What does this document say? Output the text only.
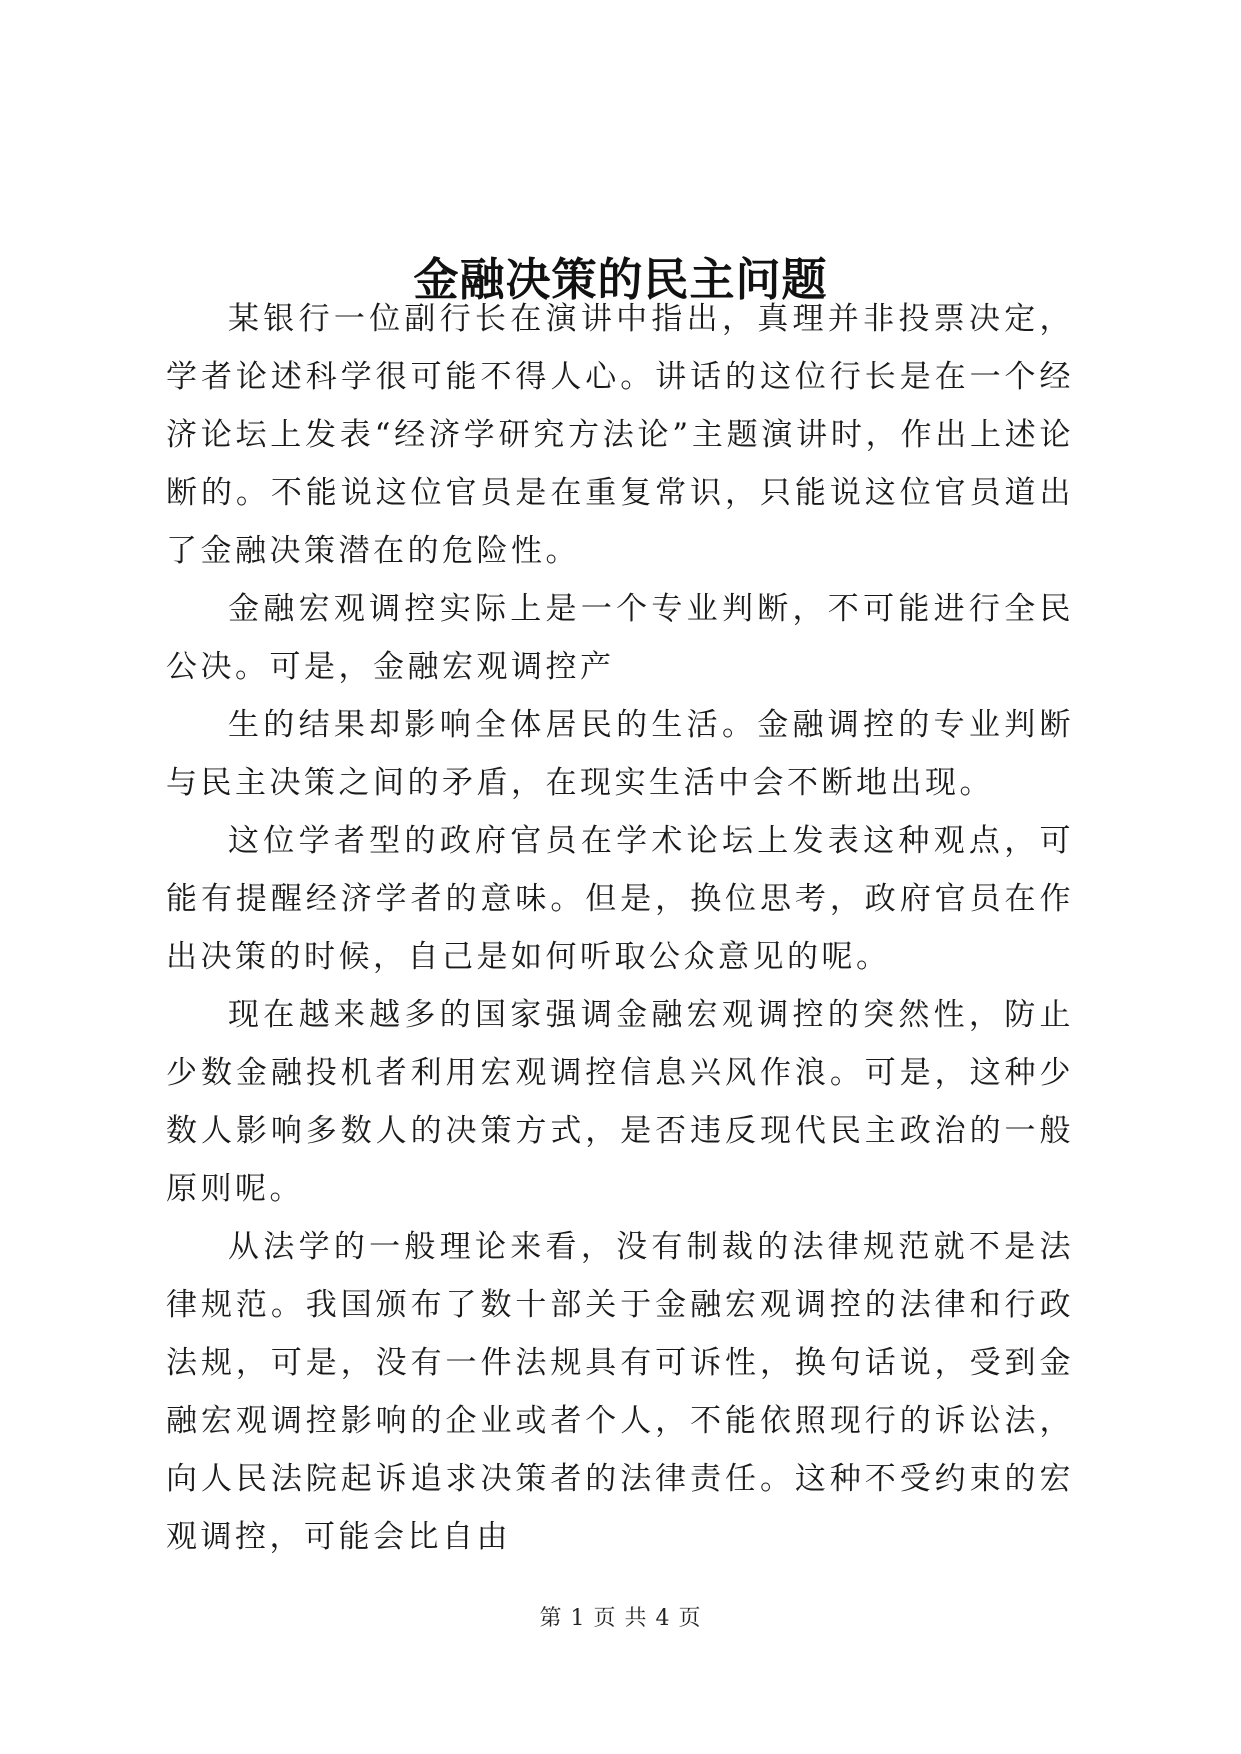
金融决策的民主问题

某银行一位副行长在演讲中指出，真理并非投票决定，学者论述科学很可能不得人心。讲话的这位行长是在一个经济论坛上发表“经济学研究方法论”主题演讲时，作出上述论断的。不能说这位官员是在重复常识，只能说这位官员道出了金融决策潜在的危险性。

金融宏观调控实际上是一个专业判断，不可能进行全民公决。可是，金融宏观调控产

生的结果却影响全体居民的生活。金融调控的专业判断与民主决策之间的矛盾，在现实生活中会不断地出现。

这位学者型的政府官员在学术论坛上发表这种观点，可能有提醒经济学者的意味。但是，换位思考，政府官员在作出决策的时候，自己是如何听取公众意见的呢。

现在越来越多的国家强调金融宏观调控的突然性，防止少数金融投机者利用宏观调控信息兴风作浪。可是，这种少数人影响多数人的决策方式，是否违反现代民主政治的一般原则呢。

从法学的一般理论来看，没有制裁的法律规范就不是法律规范。我国颁布了数十部关于金融宏观调控的法律和行政法规，可是，没有一件法规具有可诉性，换句话说，受到金融宏观调控影响的企业或者个人，不能依照现行的诉讼法，向人民法院起诉追求决策者的法律责任。这种不受约束的宏观调控，可能会比自由

第 1 页 共 4 页
